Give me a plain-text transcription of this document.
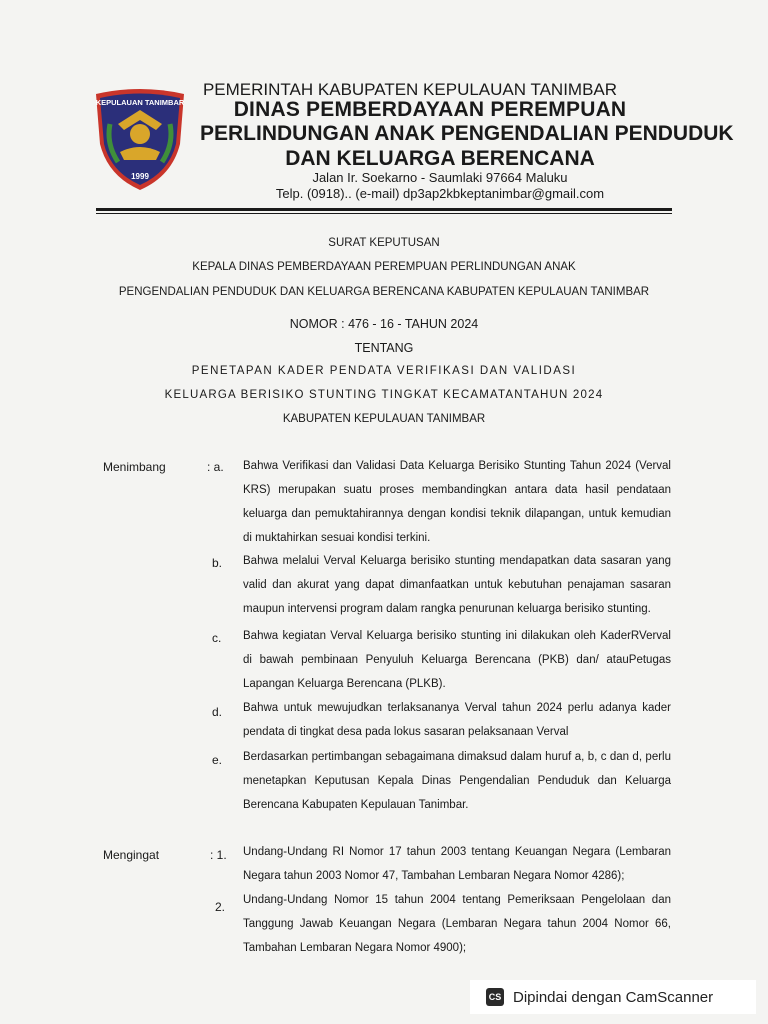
KEPULAUAN TANIMBAR
1999
PEMERINTAH KABUPATEN KEPULAUAN TANIMBAR
DINAS PEMBERDAYAAN PEREMPUAN
PERLINDUNGAN ANAK PENGENDALIAN PENDUDUK
DAN KELUARGA BERENCANA
Jalan Ir. Soekarno - Saumlaki 97664 Maluku
Telp. (0918).. (e-mail) dp3ap2kbkeptanimbar@gmail.com
SURAT KEPUTUSAN
KEPALA DINAS PEMBERDAYAAN PEREMPUAN PERLINDUNGAN ANAK
PENGENDALIAN PENDUDUK DAN KELUARGA BERENCANA KABUPATEN KEPULAUAN TANIMBAR
NOMOR : 476 - 16 - TAHUN 2024
TENTANG
PENETAPAN KADER PENDATA VERIFIKASI DAN VALIDASI
KELUARGA BERISIKO STUNTING TINGKAT KECAMATANTAHUN 2024
KABUPATEN KEPULAUAN TANIMBAR
Menimbang	: a. Bahwa Verifikasi dan Validasi Data Keluarga Berisiko Stunting Tahun 2024 (Verval KRS) merupakan suatu proses membandingkan antara data hasil pendataan keluarga dan pemuktahirannya dengan kondisi teknik dilapangan, untuk kemudian di muktahirkan sesuai kondisi terkini.
b. Bahwa melalui Verval Keluarga berisiko stunting mendapatkan data sasaran yang valid dan akurat yang dapat dimanfaatkan untuk kebutuhan penajaman sasaran maupun intervensi program dalam rangka penurunan keluarga berisiko stunting.
c. Bahwa kegiatan Verval Keluarga berisiko stunting ini dilakukan oleh KaderRVerval di bawah pembinaan Penyuluh Keluarga Berencana (PKB) dan/ atauPetugas Lapangan Keluarga Berencana (PLKB).
d. Bahwa untuk mewujudkan terlaksananya Verval tahun 2024 perlu adanya kader pendata di tingkat desa pada lokus sasaran pelaksanaan Verval
e. Berdasarkan pertimbangan sebagaimana dimaksud dalam huruf a, b, c dan d, perlu menetapkan Keputusan Kepala Dinas Pengendalian Penduduk dan Keluarga Berencana Kabupaten Kepulauan Tanimbar.
Mengingat	: 1. Undang-Undang RI Nomor 17 tahun 2003 tentang Keuangan Negara (Lembaran Negara tahun 2003 Nomor 47, Tambahan Lembaran Negara Nomor 4286);
2. Undang-Undang Nomor 15 tahun 2004 tentang Pemeriksaan Pengelolaan dan Tanggung Jawab Keuangan Negara (Lembaran Negara tahun 2004 Nomor 66, Tambahan Lembaran Negara Nomor 4900);
CS Dipindai dengan CamScanner
